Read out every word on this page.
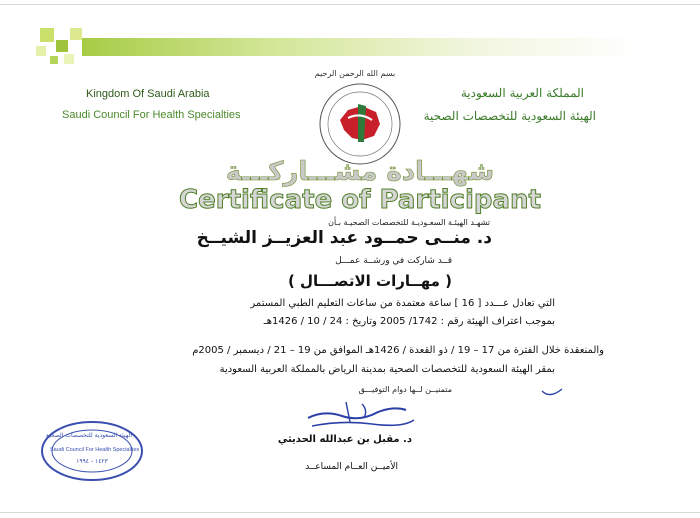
Kingdom Of Saudi Arabia
Saudi Council For Health Specialties
المملكة العربية السعودية
الهيئة السعودية للتخصصات الصحية
بسم الله الرحمن الرحيم
شهـــادة مشـــاركـــة
Certificate of Participant
تشهـد الهيئـة السعـوديـة للتخصصات الصحيـة بـأن
د. منــى حمــود عبد العزيــز الشيــخ
قــد شاركت في ورشــة عمـــل
( مهــارات الاتصـــال )
التي تعادل عـــدد [ 16 ] ساعة معتمدة من ساعات التعليم الطبي المستمر
بموجب اعتراف الهيئة رقم : 1742/ 2005 وتاريخ : 24 / 10 / 1426هـ
والمنعقدة خلال الفترة من 17 – 19 / ذو القعدة / 1426هـ الموافق من 19 – 21 / ديسمبر / 2005م
بمقر الهيئة السعودية للتخصصات الصحية بمدينة الرياض بالمملكة العربية السعودية
متمنيــن لــها دوام التوفيـــق
د. مقبل بن عبدالله الحديثي
الأميــن العــام المساعــد
الهيئة السعودية للتخصصات الصحية
Saudi Council For Health Specialties
١٤٢٣ - ١٩٩٤
